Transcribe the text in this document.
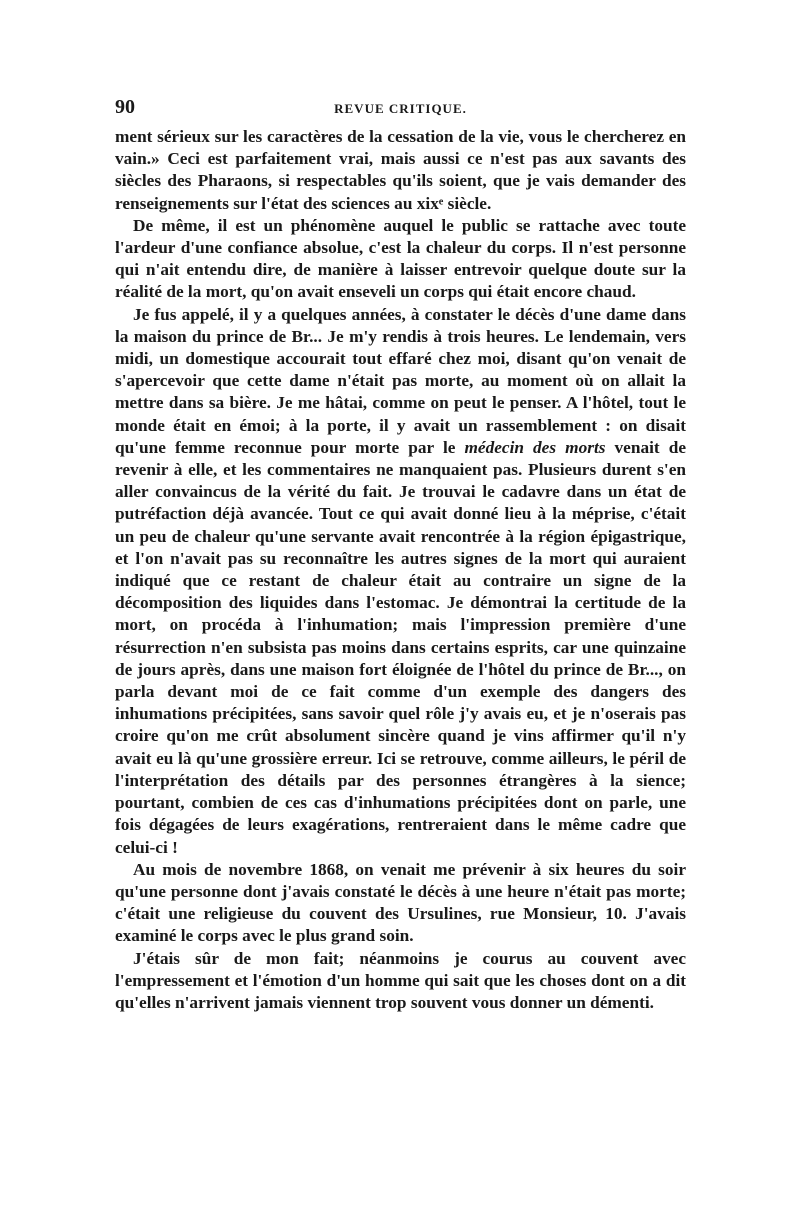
90	REVUE CRITIQUE.

ment sérieux sur les caractères de la cessation de la vie, vous le chercherez en vain.» Ceci est parfaitement vrai, mais aussi ce n'est pas aux savants des siècles des Pharaons, si respectables qu'ils soient, que je vais demander des renseignements sur l'état des sciences au xixᵉ siècle.

De même, il est un phénomène auquel le public se rattache avec toute l'ardeur d'une confiance absolue, c'est la chaleur du corps. Il n'est personne qui n'ait entendu dire, de manière à laisser entrevoir quelque doute sur la réalité de la mort, qu'on avait enseveli un corps qui était encore chaud.

Je fus appelé, il y a quelques années, à constater le décès d'une dame dans la maison du prince de Br... Je m'y rendis à trois heures. Le lendemain, vers midi, un domestique accourait tout effaré chez moi, disant qu'on venait de s'apercevoir que cette dame n'était pas morte, au moment où on allait la mettre dans sa bière. Je me hâtai, comme on peut le penser. A l'hôtel, tout le monde était en émoi; à la porte, il y avait un rassemblement : on disait qu'une femme reconnue pour morte par le médecin des morts venait de revenir à elle, et les commentaires ne manquaient pas. Plusieurs durent s'en aller convaincus de la vérité du fait. Je trouvai le cadavre dans un état de putréfaction déjà avancée. Tout ce qui avait donné lieu à la méprise, c'était un peu de chaleur qu'une servante avait rencontrée à la région épigastrique, et l'on n'avait pas su reconnaître les autres signes de la mort qui auraient indiqué que ce restant de chaleur était au contraire un signe de la décomposition des liquides dans l'estomac. Je démontrai la certitude de la mort, on procéda à l'inhumation; mais l'impression première d'une résurrection n'en subsista pas moins dans certains esprits, car une quinzaine de jours après, dans une maison fort éloignée de l'hôtel du prince de Br..., on parla devant moi de ce fait comme d'un exemple des dangers des inhumations précipitées, sans savoir quel rôle j'y avais eu, et je n'oserais pas croire qu'on me crût absolument sincère quand je vins affirmer qu'il n'y avait eu là qu'une grossière erreur. Ici se retrouve, comme ailleurs, le péril de l'interprétation des détails par des personnes étrangères à la sience; pourtant, combien de ces cas d'inhumations précipitées dont on parle, une fois dégagées de leurs exagérations, rentreraient dans le même cadre que celui-ci !

Au mois de novembre 1868, on venait me prévenir à six heures du soir qu'une personne dont j'avais constaté le décès à une heure n'était pas morte; c'était une religieuse du couvent des Ursulines, rue Monsieur, 10. J'avais examiné le corps avec le plus grand soin.

J'étais sûr de mon fait; néanmoins je courus au couvent avec l'empressement et l'émotion d'un homme qui sait que les choses dont on a dit qu'elles n'arrivent jamais viennent trop souvent vous donner un démenti.
